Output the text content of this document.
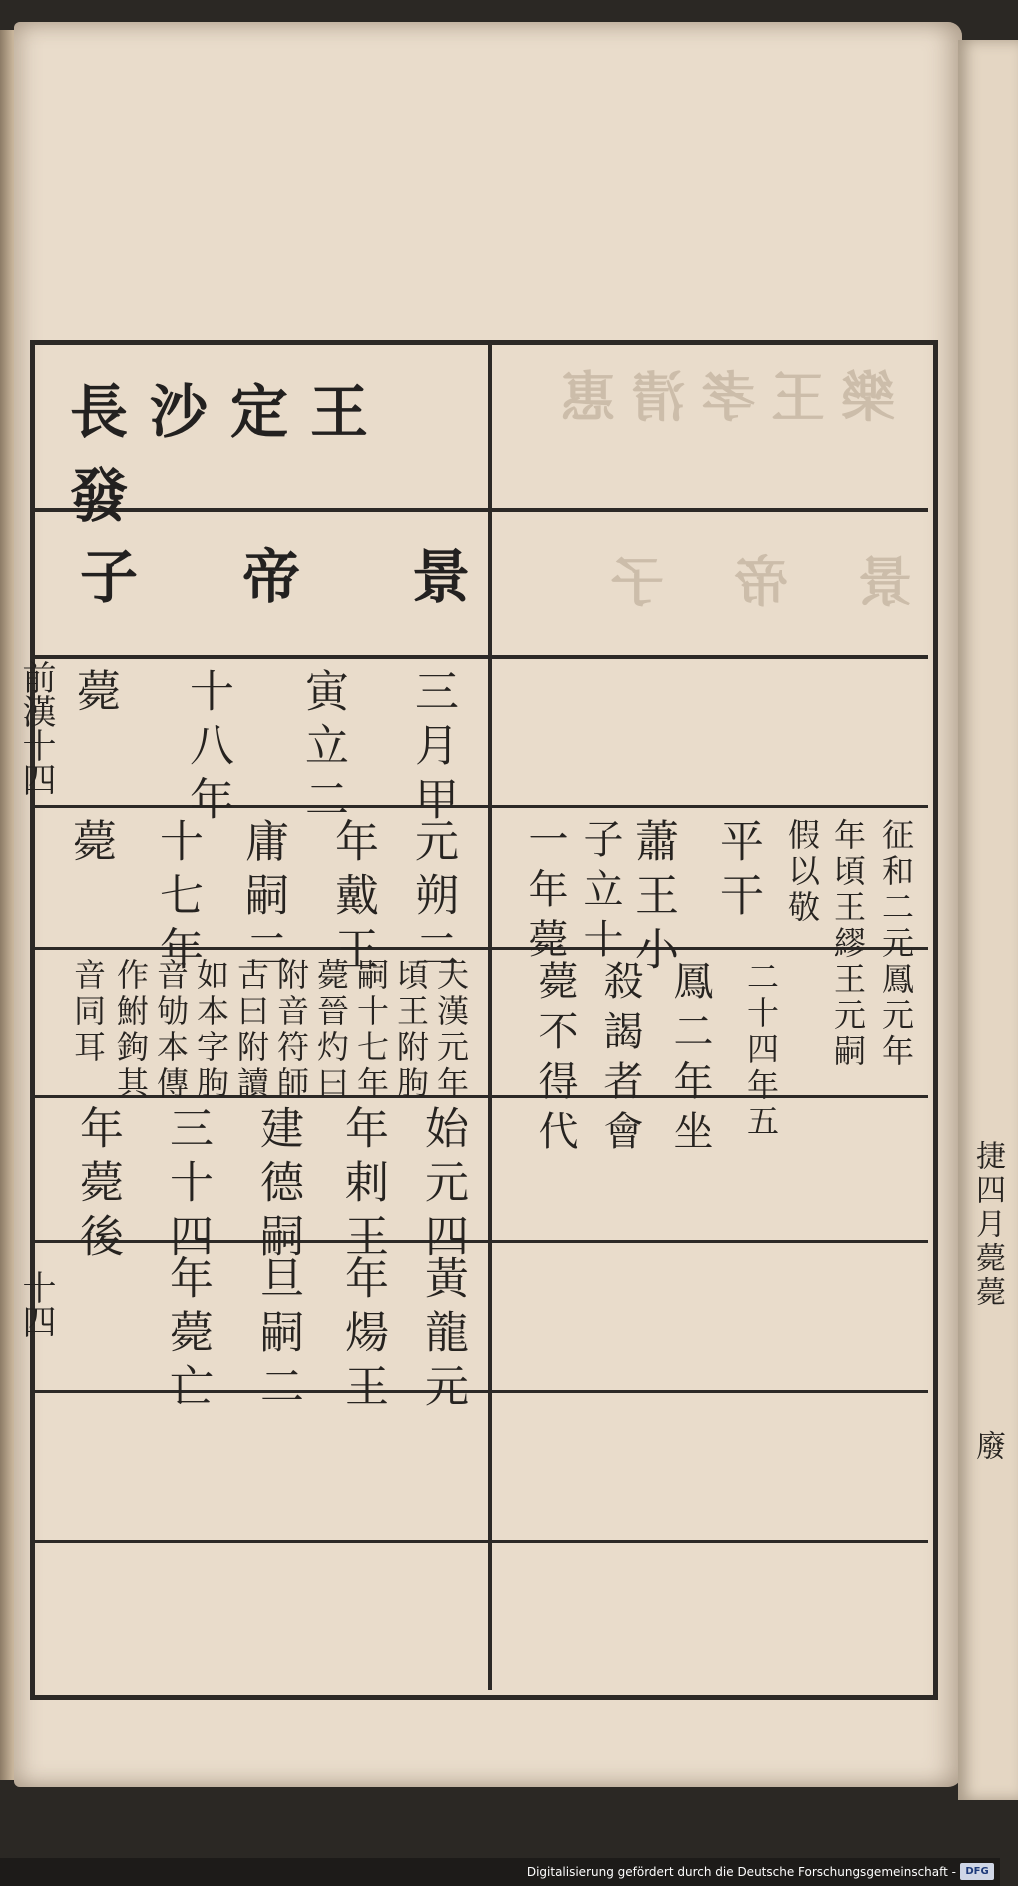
捷四月薨薨
廢
樂王孝清惠
景帝子
長沙定王發
子 帝 景
三月甲
寅立二
十八年
薨
元朔二
年戴王
庸嗣二
十七年
薨	征和二元鳳元年
年頃王繆王元嗣
假以敬
平干
蕭王小
子立十
一年薨
二十四年五
鳳二年坐
殺謁者會
薨不得代
天漢元年
頃王附朐
嗣十七年
薨晉灼曰
附音符師
古曰附讀
如本字朐
音劬本傳
作鮒鉤其
音同耳
始元四
年剌王
建德嗣
三十四
年薨後
黃龍元
年煬王
旦嗣二
年薨亡
前漢十四
十四
Digitalisierung gefördert durch die Deutsche Forschungsgemeinschaft - DFG
